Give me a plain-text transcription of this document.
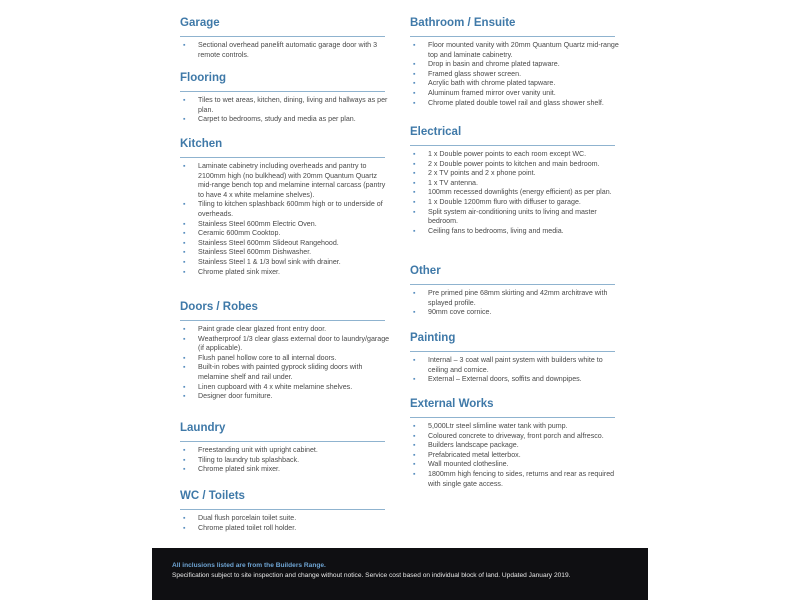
Garage
▪ Sectional overhead panelift automatic garage door with 3 remote controls.
Flooring
▪ Tiles to wet areas, kitchen, dining, living and hallways as per plan.
▪ Carpet to bedrooms, study and media as per plan.
Kitchen
▪ Laminate cabinetry including overheads and pantry to 2100mm high (no bulkhead) with 20mm Quantum Quartz mid-range bench top and melamine internal carcass (pantry to have 4 x white melamine shelves).
▪ Tiling to kitchen splashback 600mm high or to underside of overheads.
▪ Stainless Steel 600mm Electric Oven.
▪ Ceramic 600mm Cooktop.
▪ Stainless Steel 600mm Slideout Rangehood.
▪ Stainless Steel 600mm Dishwasher.
▪ Stainless Steel 1 & 1/3 bowl sink with drainer.
▪ Chrome plated sink mixer.
Doors / Robes
▪ Paint grade clear glazed front entry door.
▪ Weatherproof 1/3 clear glass external door to laundry/garage (if applicable).
▪ Flush panel hollow core to all internal doors.
▪ Built-in robes with painted gyprock sliding doors with melamine shelf and rail under.
▪ Linen cupboard with 4 x white melamine shelves.
▪ Designer door furniture.
Laundry
▪ Freestanding unit with upright cabinet.
▪ Tiling to laundry tub splashback.
▪ Chrome plated sink mixer.
WC / Toilets
▪ Dual flush porcelain toilet suite.
▪ Chrome plated toilet roll holder.
Bathroom / Ensuite
▪ Floor mounted vanity with 20mm Quantum Quartz mid-range top and laminate cabinetry.
▪ Drop in basin and chrome plated tapware.
▪ Framed glass shower screen.
▪ Acrylic bath with chrome plated tapware.
▪ Aluminum framed mirror over vanity unit.
▪ Chrome plated double towel rail and glass shower shelf.
Electrical
▪ 1 x Double power points to each room except WC.
▪ 2 x Double power points to kitchen and main bedroom.
▪ 2 x TV points and 2 x phone point.
▪ 1 x TV antenna.
▪ 100mm recessed downlights (energy efficient) as per plan.
▪ 1 x Double 1200mm fluro with diffuser to garage.
▪ Split system air-conditioning units to living and master bedroom.
▪ Ceiling fans to bedrooms, living and media.
Other
▪ Pre primed pine 68mm skirting and 42mm architrave with splayed profile.
▪ 90mm cove cornice.
Painting
▪ Internal – 3 coat wall paint system with builders white to ceiling and cornice.
▪ External – External doors, soffits and downpipes.
External Works
▪ 5,000Ltr steel slimline water tank with pump.
▪ Coloured concrete to driveway, front porch and alfresco.
▪ Builders landscape package.
▪ Prefabricated metal letterbox.
▪ Wall mounted clothesline.
▪ 1800mm high fencing to sides, returns and rear as required with single gate access.
All inclusions listed are from the Builders Range.
Specification subject to site inspection and change without notice. Service cost based on individual block of land. Updated January 2019.
